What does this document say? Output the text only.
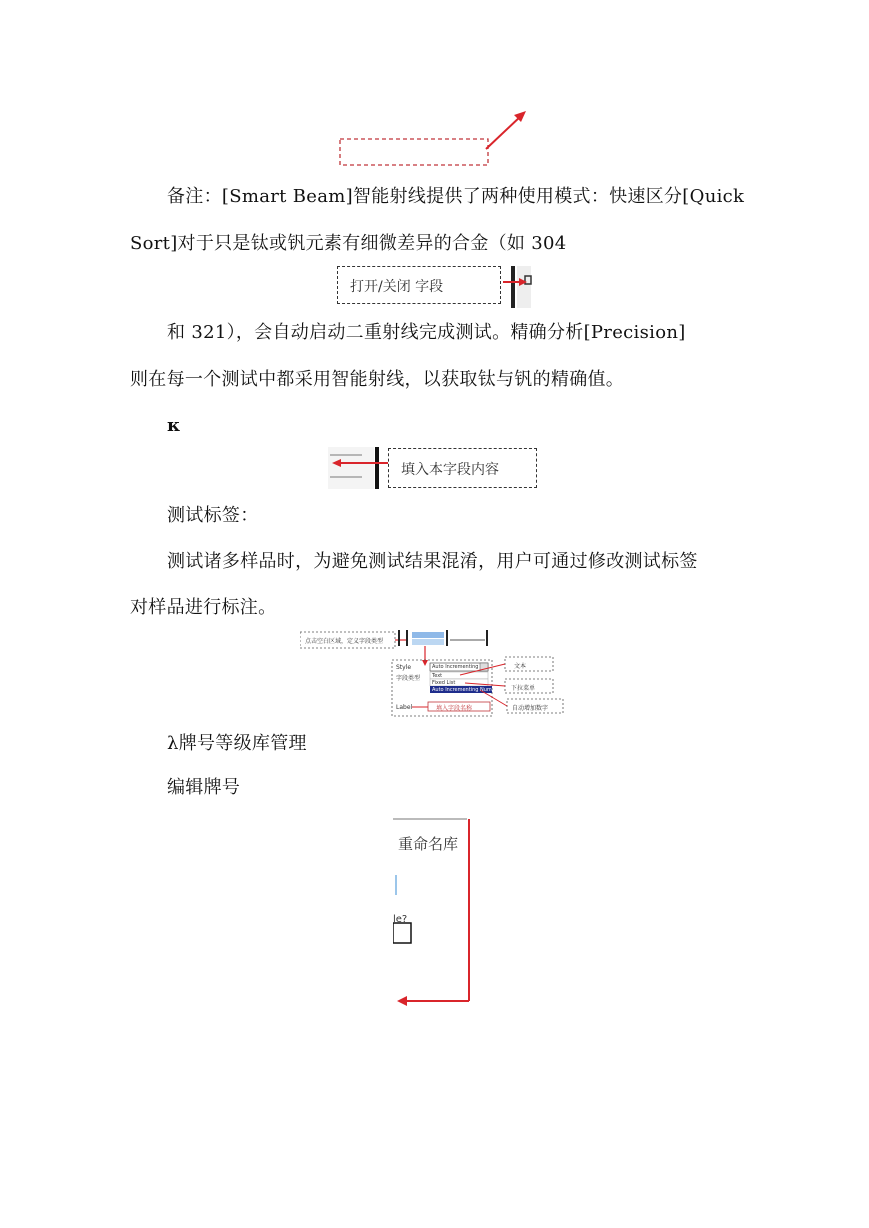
备注：[Smart Beam]智能射线提供了两种使用模式：快速区分[Quick
Sort]对于只是钛或钒元素有细微差异的合金（如 304
打开/关闭 字段
和 321），会自动启动二重射线完成测试。精确分析[Precision]
则在每一个测试中都采用智能射线，以获取钛与钒的精确值。
κ
填入本字段内容
测试标签：
测试诸多样品时，为避免测试结果混淆，用户可通过修改测试标签
对样品进行标注。
点击空白区域，定义字段类型
Style
字段类型
Auto Incrementing
Text
Fixed List
Auto Incrementing Num
Label	填入字段名称
文本
下拉菜单
自动增加数字
λ牌号等级库管理
编辑牌号
重命名库
le?
